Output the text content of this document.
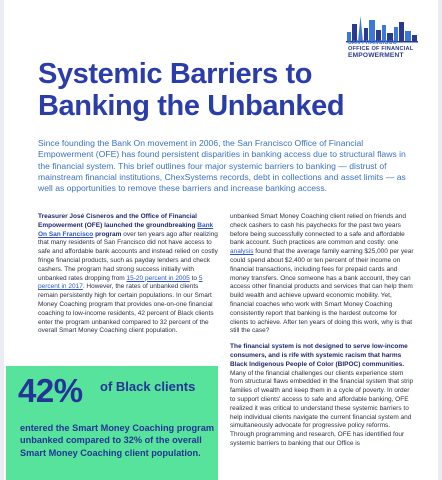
SAN FRANCISCO
OFFICE OF FINANCIAL
EMPOWERMENT
Systemic Barriers to Banking the Unbanked

Since founding the Bank On movement in 2006, the San Francisco Office of Financial Empowerment (OFE) has found persistent disparities in banking access due to structural flaws in the financial system. This brief outlines four major systemic barriers to banking — distrust of mainstream financial institutions, ChexSystems records, debt in collections and asset limits — as well as opportunities to remove these barriers and increase banking access.

Treasurer José Cisneros and the Office of Financial Empowerment (OFE) launched the groundbreaking Bank On San Francisco program over ten years ago after realizing that many residents of San Francisco did not have access to safe and affordable bank accounts and instead relied on costly fringe financial products, such as payday lenders and check cashers. The program had strong success initially with unbanked rates dropping from 15-20 percent in 2005 to 5 percent in 2017. However, the rates of unbanked clients remain persistently high for certain populations. In our Smart Money Coaching program that provides one-on-one financial coaching to low-income residents, 42 percent of Black clients enter the program unbanked compared to 32 percent of the overall Smart Money Coaching client population.

unbanked Smart Money Coaching client relied on friends and check cashers to cash his paychecks for the past two years before being successfully connected to a safe and affordable bank account. Such practices are common and costly: one analysis found that the average family earning $25,000 per year could spend about $2,400 or ten percent of their income on financial transactions, including fees for prepaid cards and money transfers. Once someone has a bank account, they can access other financial products and services that can help them build wealth and achieve upward economic mobility. Yet, financial coaches who work with Smart Money Coaching consistently report that banking is the hardest outcome for clients to achieve. After ten years of doing this work, why is that still the case?

The financial system is not designed to serve low-income consumers, and is rife with systemic racism that harms Black Indigenous People of Color (BIPOC) communities. Many of the financial challenges our clients experience stem from structural flaws embedded in the financial system that strip families of wealth and keep them in a cycle of poverty. In order to support clients' access to safe and affordable banking, OFE realized it was critical to understand these systemic barriers to help individual clients navigate the current financial system and simultaneously advocate for progressive policy reforms. Through programming and research, OFE has identified four systemic barriers to banking that our Office is

42% of Black clients
entered the Smart Money Coaching program unbanked compared to 32% of the overall Smart Money Coaching client population.
